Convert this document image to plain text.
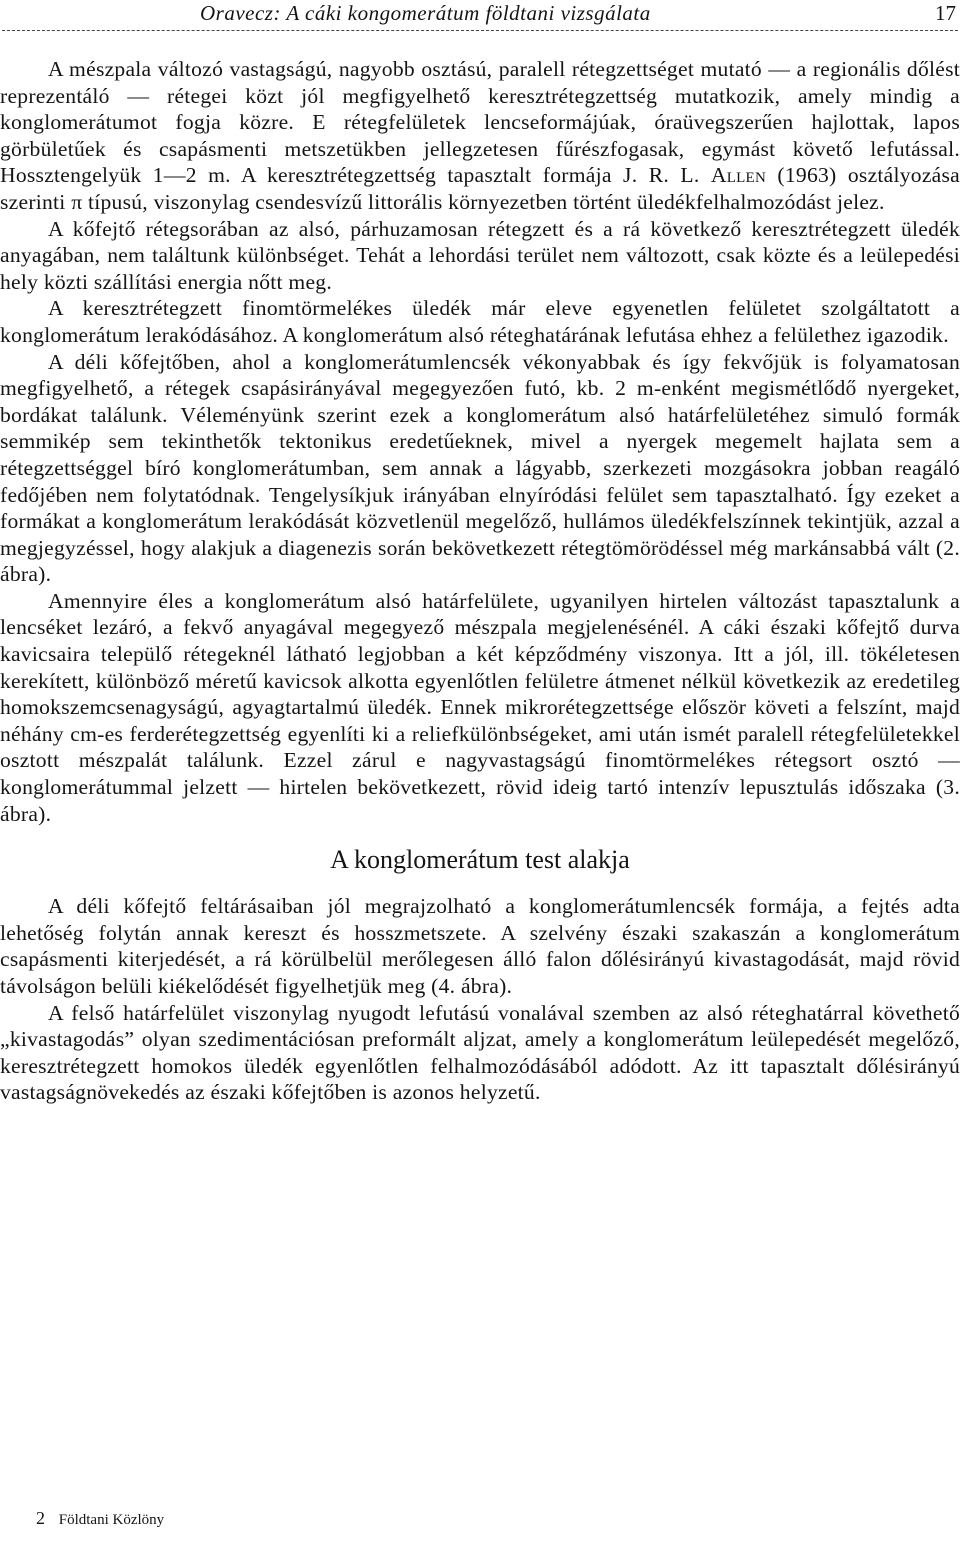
Oravecz: A cáki kongomerátum földtani vizsgálata	17

A mészpala változó vastagságú, nagyobb osztású, paralell rétegzettséget mutató — a regionális dőlést reprezentáló — rétegei közt jól megfigyelhető keresztrétegzettség mutatkozik, amely mindig a konglomerátumot fogja közre. E rétegfelületek lencseformájúak, óraüvegszerűen hajlottak, lapos görbületűek és csapásmenti metszetükben jellegzetesen fűrészfogasak, egymást követő lefutással. Hossztengelyük 1—2 m. A keresztrétegzettség tapasztalt formája J. R. L. Allen (1963) osztályozása szerinti π típusú, viszonylag csendesvízű littorális környezetben történt üledékfelhalmozódást jelez.

A kőfejtő rétegsorában az alsó, párhuzamosan rétegzett és a rá következő keresztrétegzett üledék anyagában, nem találtunk különbséget. Tehát a lehordási terület nem változott, csak közte és a leülepedési hely közti szállítási energia nőtt meg.

A keresztrétegzett finomtörmelékes üledék már eleve egyenetlen felületet szolgáltatott a konglomerátum lerakódásához. A konglomerátum alsó réteghatárának lefutása ehhez a felülethez igazodik.

A déli kőfejtőben, ahol a konglomerátumlencsék vékonyabbak és így fekvőjük is folyamatosan megfigyelhető, a rétegek csapásirányával megegyezően futó, kb. 2 m-enként megismétlődő nyergeket, bordákat találunk. Véleményünk szerint ezek a konglomerátum alsó határfelületéhez simuló formák semmikép sem tekinthetők tektonikus eredetűeknek, mivel a nyergek megemelt hajlata sem a rétegzettséggel bíró konglomerátumban, sem annak a lágyabb, szerkezeti mozgásokra jobban reagáló fedőjében nem folytatódnak. Tengelysíkjuk irányában elnyíródási felület sem tapasztalható. Így ezeket a formákat a konglomerátum lerakódását közvetlenül megelőző, hullámos üledékfelszínnek tekintjük, azzal a megjegyzéssel, hogy alakjuk a diagenezis során bekövetkezett rétegtömörödéssel még markánsabbá vált (2. ábra).

Amennyire éles a konglomerátum alsó határfelülete, ugyanilyen hirtelen változást tapasztalunk a lencséket lezáró, a fekvő anyagával megegyező mészpala megjelenésénél. A cáki északi kőfejtő durva kavicsaira települő rétegeknél látható legjobban a két képződmény viszonya. Itt a jól, ill. tökéletesen kerekített, különböző méretű kavicsok alkotta egyenlőtlen felületre átmenet nélkül következik az eredetileg homokszemcsenagyságú, agyagtartalmú üledék. Ennek mikrorétegzettsége először követi a felszínt, majd néhány cm-es ferderétegzettség egyenlíti ki a reliefkülönbségeket, ami után ismét paralell rétegfelületekkel osztott mészpalát találunk. Ezzel zárul e nagyvastagságú finomtörmelékes rétegsort osztó — konglomerátummal jelzett — hirtelen bekövetkezett, rövid ideig tartó intenzív lepusztulás időszaka (3. ábra).

A konglomerátum test alakja

A déli kőfejtő feltárásaiban jól megrajzolható a konglomerátumlencsék formája, a fejtés adta lehetőség folytán annak kereszt és hosszmetszete. A szelvény északi szakaszán a konglomerátum csapásmenti kiterjedését, a rá körülbelül merőlegesen álló falon dőlésirányú kivastagodását, majd rövid távolságon belüli kiékelődését figyelhetjük meg (4. ábra).

A felső határfelület viszonylag nyugodt lefutású vonalával szemben az alsó réteghatárral követhető „kivastagodás” olyan szedimentációsan preformált aljzat, amely a konglomerátum leülepedését megelőző, keresztrétegzett homokos üledék egyenlőtlen felhalmozódásából adódott. Az itt tapasztalt dőlésirányú vastagságnövekedés az északi kőfejtőben is azonos helyzetű.

2 Földtani Közlöny
